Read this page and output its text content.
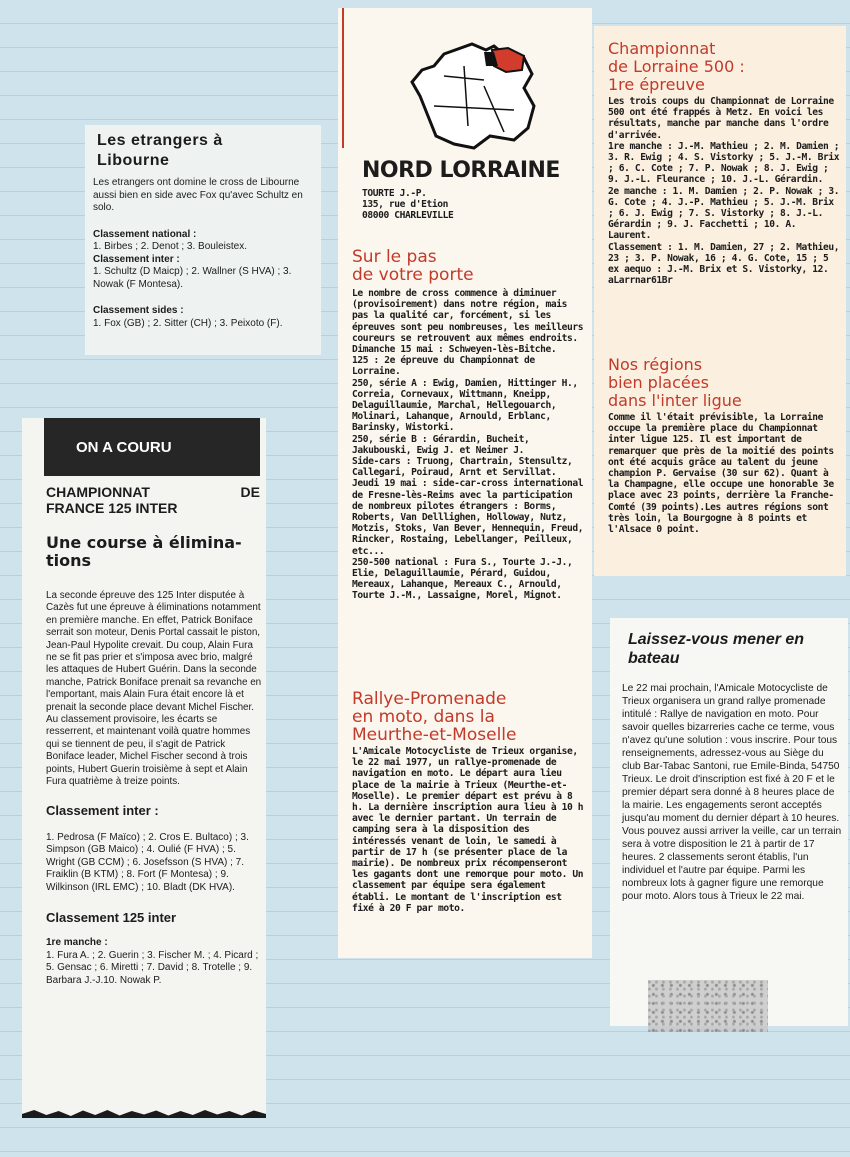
Les etrangers à
Libourne

Les etrangers ont domine le cross de Libourne aussi bien en side avec Fox qu'avec Schultz en solo.

Classement national :

1. Birbes ; 2. Denot ; 3. Bouleistex.

Classement inter :

1. Schultz (D Maicp) ; 2. Wallner (S HVA) ; 3. Nowak (F Montesa).

Classement sides :

1. Fox (GB) ; 2. Sitter (CH) ; 3. Peixoto (F).

ON A COURU
CHAMPIONNAT	DE

FRANCE 125 INTER
Une course à élimina-tions

La seconde épreuve des 125 Inter disputée à Cazès fut une épreuve à éliminations notamment en première manche. En effet, Patrick Boniface serrait son moteur, Denis Portal cassait le piston, Jean-Paul Hypolite crevait. Du coup, Alain Fura ne se fit pas prier et s'imposa avec brio, malgré les attaques de Hubert Guérin. Dans la seconde manche, Patrick Boniface prenait sa revanche en l'emportant, mais Alain Fura était encore là et prenait la seconde place devant Michel Fischer. Au classement provisoire, les écarts se resserrent, et maintenant voilà quatre hommes qui se tiennent de peu, il s'agit de Patrick Boniface leader, Michel Fischer second à trois points, Hubert Guerin troisième à sept et Alain Fura quatrième à treize points.

Classement inter :

1. Pedrosa (F Maïco) ; 2. Cros E. Bultaco) ; 3. Simpson (GB Maico) ; 4. Oulié (F HVA) ; 5. Wright (GB CCM) ; 6. Josefsson (S HVA) ; 7. Fraiklin (B KTM) ; 8. Fort (F Montesa) ; 9. Wilkinson (IRL EMC) ; 10. Bladt (DK HVA).

Classement 125 inter

1re manche :

1. Fura A. ; 2. Guerin ; 3. Fischer M. ; 4. Picard ; 5. Gensac ; 6. Miretti ; 7. David ; 8. Trotelle ; 9. Barbara J.-J.10. Nowak P.

NORD LORRAINE
TOURTE J.-P.
135, rue d'Etion
08000 CHARLEVILLE
Sur le pas
de votre porte

Le nombre de cross commence à diminuer (provisoirement) dans notre région, mais pas la qualité car, forcément, si les épreuves sont peu nombreuses, les meilleurs coureurs se retrouvent aux mêmes endroits.

Dimanche 15 mai : Schweyen-lès-Bitche.

125 : 2e épreuve du Championnat de Lorraine.

250, série A : Ewig, Damien, Hittinger H., Correia, Cornevaux, Wittmann, Kneipp, Delaguillaumie, Marchal, Hellegouarch, Molinari, Lahanque, Arnould, Erblanc, Barinsky, Wistorki.

250, série B : Gérardin, Bucheit, Jakubouski, Ewig J. et Neimer J.

Side-cars : Truong, Chartrain, Stensultz, Callegari, Poiraud, Arnt et Servillat.

Jeudi 19 mai : side-car-cross international de Fresne-lès-Reims avec la participation de nombreux pilotes étrangers : Borms, Roberts, Van Delllighen, Holloway, Nutz, Motzis, Stoks, Van Bever, Hennequin, Freud, Rincker, Rostaing, Lebellanger, Peilleux, etc...

250-500 national : Fura S., Tourte J.-J., Elie, Delaguillaumie, Pérard, Guidou, Mereaux, Lahanque, Mereaux C., Arnould, Tourte J.-M., Lassaigne, Morel, Mignot.

Rallye-Promenade
en moto, dans la
Meurthe-et-Moselle

L'Amicale Motocycliste de Trieux organise, le 22 mai 1977, un rallye-promenade de navigation en moto. Le départ aura lieu place de la mairie à Trieux (Meurthe-et-Moselle). Le premier départ est prévu à 8 h. La dernière inscription aura lieu à 10 h avec le dernier partant. Un terrain de camping sera à la disposition des intéressés venant de loin, le samedi à partir de 17 h (se présenter place de la mairie). De nombreux prix récompenseront les gagants dont une remorque pour moto. Un classement par équipe sera également établi. Le montant de l'inscription est fixé à 20 F par moto.

Championnat
de Lorraine 500 :
1re épreuve

Les trois coups du Championnat de Lorraine 500 ont été frappés à Metz. En voici les résultats, manche par manche dans l'ordre d'arrivée.

1re manche : J.-M. Mathieu ; 2. M. Damien ; 3. R. Ewig ; 4. S. Vistorky ; 5. J.-M. Brix ; 6. C. Cote ; 7. P. Nowak ; 8. J. Ewig ; 9. J.-L. Fleurance ; 10. J.-L. Gérardin.

2e manche : 1. M. Damien ; 2. P. Nowak ; 3. G. Cote ; 4. J.-P. Mathieu ; 5. J.-M. Brix ; 6. J. Ewig ; 7. S. Vistorky ; 8. J.-L. Gérardin ; 9. J. Facchetti ; 10. A. Laurent.

Classement : 1. M. Damien, 27 ; 2. Mathieu, 23 ; 3. P. Nowak, 16 ; 4. G. Cote, 15 ; 5 ex aequo : J.-M. Brix et S. Vistorky, 12.

aLarrnar61Br

Nos régions
bien placées
dans l'inter ligue

Comme il l'était prévisible, la Lorraine occupe la première place du Championnat inter ligue 125. Il est important de remarquer que près de la moitié des points ont été acquis grâce au talent du jeune champion P. Gervaise (30 sur 62). Quant à la Champagne, elle occupe une honorable 3e place avec 23 points, derrière la Franche-Comté (39 points).Les autres régions sont très loin, la Bourgogne à 8 points et l'Alsace 0 point.

Laissez-vous mener en bateau

Le 22 mai prochain, l'Amicale Motocycliste de Trieux organisera un grand rallye promenade intitulé : Rallye de navigation en moto. Pour savoir quelles bizarreries cache ce terme, vous n'avez qu'une solution : vous inscrire. Pour tous renseignements, adressez-vous au Siège du club Bar-Tabac Santoni, rue Emile-Binda, 54750 Trieux. Le droit d'inscription est fixé à 20 F et le premier départ sera donné à 8 heures place de la mairie. Les engagements seront acceptés jusqu'au moment du dernier départ à 10 heures. Vous pouvez aussi arriver la veille, car un terrain sera à votre disposition le 21 à partir de 17 heures. 2 classements seront établis, l'un individuel et l'autre par équipe. Parmi les nombreux lots à gagner figure une remorque pour moto. Alors tous à Trieux le 22 mai.
